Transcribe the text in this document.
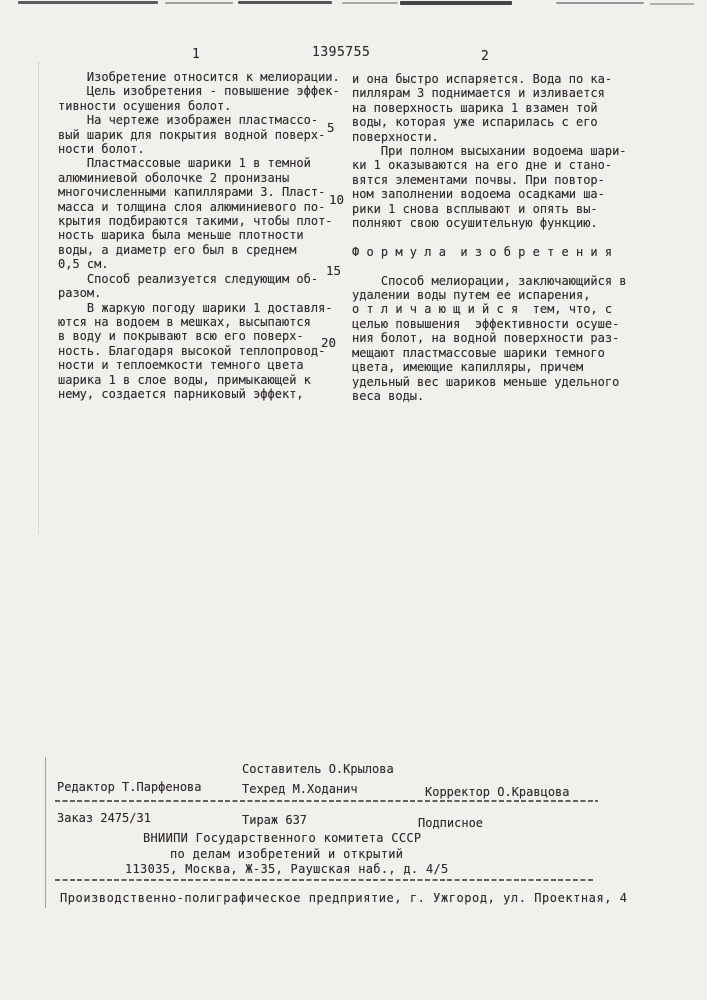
1	1395755	2
Изобретение относится к мелиорации.
Цель изобретения - повышение эффек-
тивности осушения болот.
На чертеже изображен пластмассо-
вый шарик для покрытия водной поверх-
ности болот.
Пластмассовые шарики 1 в темной
алюминиевой оболочке 2 пронизаны
многочисленными капиллярами 3. Пласт-
масса и толщина слоя алюминиевого по-
крытия подбираются такими, чтобы плот-
ность шарика была меньше плотности
воды, а диаметр его был в среднем
0,5 см.
Способ реализуется следующим об-
разом.
В жаркую погоду шарики 1 доставля-
ются на водоем в мешках, высыпаются
в воду и покрывают всю его поверх-
ность. Благодаря высокой теплопровод-
ности и теплоемкости темного цвета
шарика 1 в слое воды, примыкающей к
нему, создается парниковый эффект,
5
10
15
20
и она быстро испаряется. Вода по ка-
пиллярам 3 поднимается и изливается
на поверхность шарика 1 взамен той
воды, которая уже испарилась с его
поверхности.
При полном высыхании водоема шари-
ки 1 оказываются на его дне и стано-
вятся элементами почвы. При повтор-
ном заполнении водоема осадками ша-
рики 1 снова всплывают и опять вы-
полняют свою осушительную функцию.
Ф о р м у л а  и з о б р е т е н и я
Способ мелиорации, заключающийся в
удалении воды путем ее испарения,
о т л и ч а ю щ и й с я  тем, что, с
целью повышения  эффективности осуше-
ния болот, на водной поверхности раз-
мещают пластмассовые шарики темного
цвета, имеющие капилляры, причем
удельный вес шариков меньше удельного
веса воды.
Составитель О.Крылова
Редактор Т.Парфенова	Техред М.Ходанич	Корректор О.Кравцова
Заказ 2475/31	Тираж 637	Подписное
ВНИИПИ Государственного комитета СССР
по делам изобретений и открытий
113035, Москва, Ж-35, Раушская наб., д. 4/5
Производственно-полиграфическое предприятие, г. Ужгород, ул. Проектная, 4
